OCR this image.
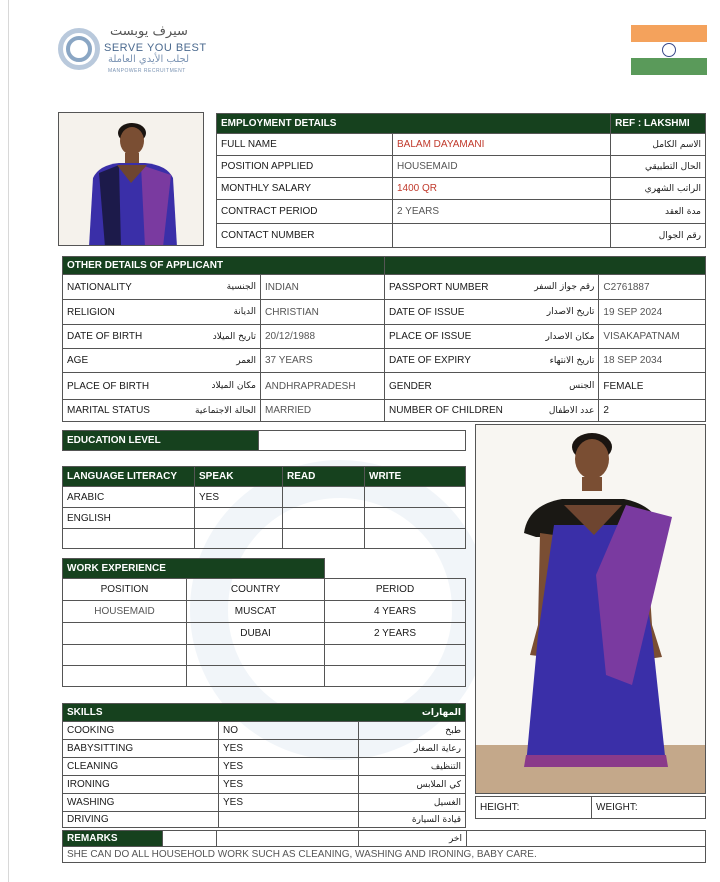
سيرف يوبست
SERVE YOU BEST
لجلب الأيدي العاملة
MANPOWER RECRUITMENT
EMPLOYMENT DETAILS		REF : LAKSHMI
FULL NAME	BALAM DAYAMANI	الاسم الكامل
POSITION APPLIED	HOUSEMAID	الحال التطبيقي
MONTHLY SALARY	1400 QR	الراتب الشهري
CONTRACT PERIOD	2 YEARS	مدة العقد
CONTACT NUMBER		رقم الجوال
OTHER DETAILS OF APPLICANT					
NATIONALITY	الجنسية	INDIAN	PASSPORT NUMBER	رقم جواز السفر	C2761887
RELIGION	الديانة	CHRISTIAN	DATE OF ISSUE	تاريخ الاصدار	19 SEP 2024
DATE OF BIRTH	تاريخ الميلاد	20/12/1988	PLACE OF ISSUE	مكان الاصدار	VISAKAPATNAM
AGE	العمر	37 YEARS	DATE OF EXPIRY	تاريخ الانتهاء	18 SEP 2034
PLACE OF BIRTH	مكان الميلاد	ANDHRAPRADESH	GENDER	الجنس	FEMALE
MARITAL STATUS	الحالة الاجتماعية	MARRIED	NUMBER OF CHILDREN	عدد الاطفال	2
EDUCATION LEVEL	
LANGUAGE LITERACY	SPEAK	READ	WRITE
ARABIC	YES		
ENGLISH			

WORK EXPERIENCE		
POSITION	COUNTRY	PERIOD
HOUSEMAID	MUSCAT	4 YEARS
	DUBAI	2 YEARS

HEIGHT:	WEIGHT:
SKILLS		المهارات
COOKING	NO	طبخ
BABYSITTING	YES	رعاية الصغار
CLEANING	YES	التنظيف
IRONING	YES	كي الملابس
WASHING	YES	الغسيل
DRIVING		قيادة السيارة
REMARKS			اخر	
SHE CAN DO ALL HOUSEHOLD WORK SUCH AS CLEANING, WASHING AND IRONING, BABY CARE.
